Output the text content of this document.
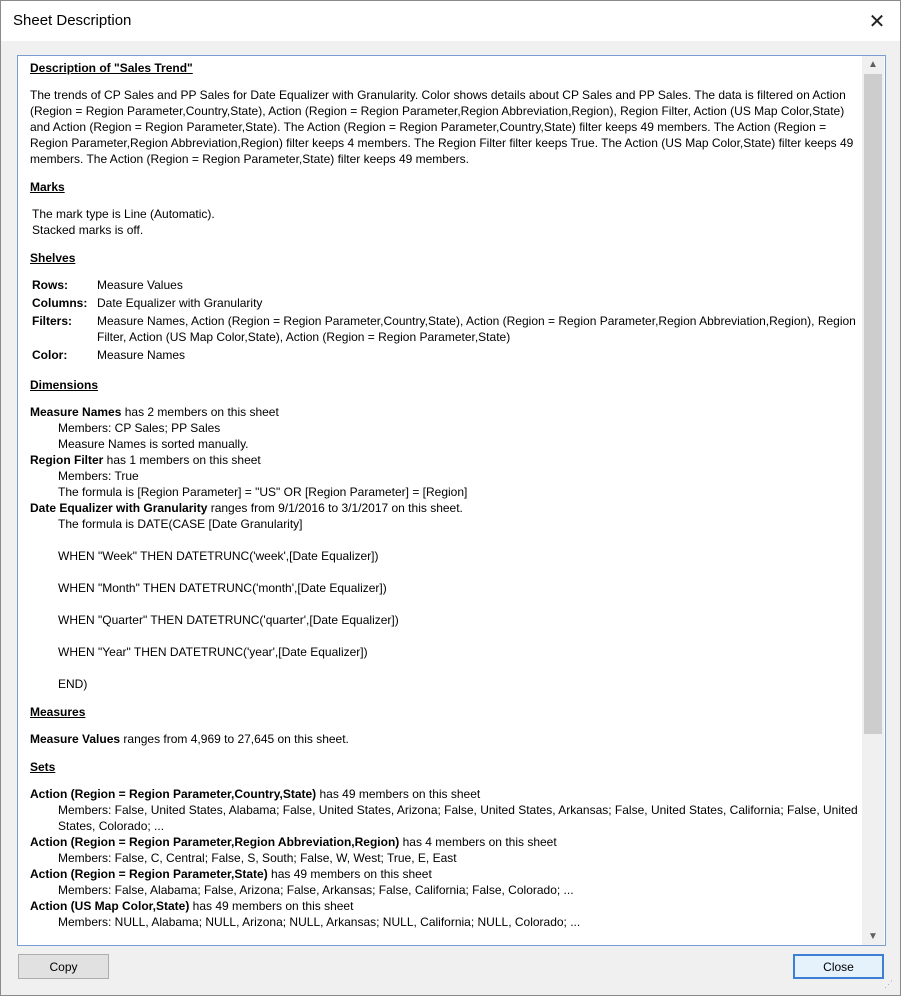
Sheet Description	✕
Description of "Sales Trend"

The trends of CP Sales and PP Sales for Date Equalizer with Granularity. Color shows details about CP Sales and PP Sales. The data is filtered on Action (Region = Region Parameter,Country,State), Action (Region = Region Parameter,Region Abbreviation,Region), Region Filter, Action (US Map Color,State) and Action (Region = Region Parameter,State). The Action (Region = Region Parameter,Country,State) filter keeps 49 members. The Action (Region = Region Parameter,Region Abbreviation,Region) filter keeps 4 members. The Region Filter filter keeps True. The Action (US Map Color,State) filter keeps 49 members. The Action (Region = Region Parameter,State) filter keeps 49 members.

Marks
The mark type is Line (Automatic).
Stacked marks is off.
Shelves
Rows:	Measure Values
Columns:	Date Equalizer with Granularity
Filters:	Measure Names, Action (Region = Region Parameter,Country,State), Action (Region = Region Parameter,Region Abbreviation,Region), Region Filter, Action (US Map Color,State), Action (Region = Region Parameter,State)
Color:	Measure Names
Dimensions
Measure Names has 2 members on this sheet
Members: CP Sales; PP Sales
Measure Names is sorted manually.
Region Filter has 1 members on this sheet
Members: True
The formula is [Region Parameter] = "US" OR [Region Parameter] = [Region]
Date Equalizer with Granularity ranges from 9/1/2016 to 3/1/2017 on this sheet.
The formula is DATE(CASE [Date Granularity]
WHEN "Week" THEN DATETRUNC('week',[Date Equalizer])
WHEN "Month" THEN DATETRUNC('month',[Date Equalizer])
WHEN "Quarter" THEN DATETRUNC('quarter',[Date Equalizer])
WHEN "Year" THEN DATETRUNC('year',[Date Equalizer])
END)
Measures
Measure Values ranges from 4,969 to 27,645 on this sheet.
Sets
Action (Region = Region Parameter,Country,State) has 49 members on this sheet
Members: False, United States, Alabama; False, United States, Arizona; False, United States, Arkansas; False, United States, California; False, United States, Colorado; ...
Action (Region = Region Parameter,Region Abbreviation,Region) has 4 members on this sheet
Members: False, C, Central; False, S, South; False, W, West; True, E, East
Action (Region = Region Parameter,State) has 49 members on this sheet
Members: False, Alabama; False, Arizona; False, Arkansas; False, California; False, Colorado; ...
Action (US Map Color,State) has 49 members on this sheet
Members: NULL, Alabama; NULL, Arizona; NULL, Arkansas; NULL, California; NULL, Colorado; ...
▲
▼
Copy	Close
⋰
